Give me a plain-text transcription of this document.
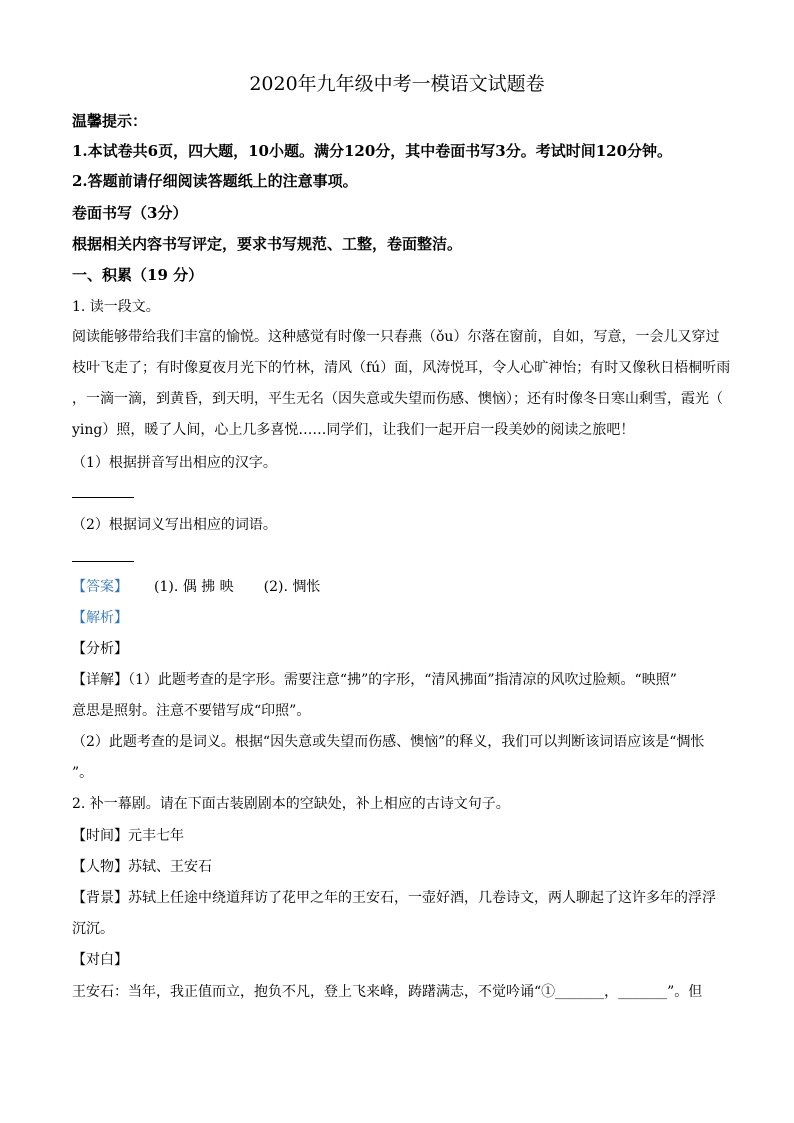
2020年九年级中考一模语文试题卷
温馨提示：
1.本试卷共6页，四大题，10小题。满分120分，其中卷面书写3分。考试时间120分钟。
2.答题前请仔细阅读答题纸上的注意事项。
卷面书写（3分）
根据相关内容书写评定，要求书写规范、工整，卷面整洁。
一、积累（19 分）
1. 读一段文。
阅读能够带给我们丰富的愉悦。这种感觉有时像一只春燕（ǒu）尔落在窗前，自如，写意，一会儿又穿过
枝叶飞走了；有时像夏夜月光下的竹林，清风（fú）面，风涛悦耳，令人心旷神怡；有时又像秋日梧桐听雨
，一滴一滴，到黄昏，到天明，平生无名（因失意或失望而伤感、懊恼）；还有时像冬日寒山剩雪，霞光（
ying）照，暖了人间，心上几多喜悦……同学们，让我们一起开启一段美妙的阅读之旅吧！
（1）根据拼音写出相应的汉字。
（2）根据词义写出相应的词语。
【答案】 (1). 偶 拂 映 (2). 惆怅
【解析】
【分析】
【详解】（1）此题考查的是字形。需要注意“拂”的字形，“清风拂面”指清凉的风吹过脸颊。“映照”
意思是照射。注意不要错写成“印照”。
（2）此题考查的是词义。根据“因失意或失望而伤感、懊恼”的释义，我们可以判断该词语应该是“惆怅
”。
2. 补一幕剧。请在下面古装剧剧本的空缺处，补上相应的古诗文句子。
【时间】元丰七年
【人物】苏轼、王安石
【背景】苏轼上任途中绕道拜访了花甲之年的王安石，一壶好酒，几卷诗文，两人聊起了这许多年的浮浮
沉沉。
【对白】
王安石：当年，我正值而立，抱负不凡，登上飞来峰，踌躇满志，不觉吟诵“①_______，_______”。但
